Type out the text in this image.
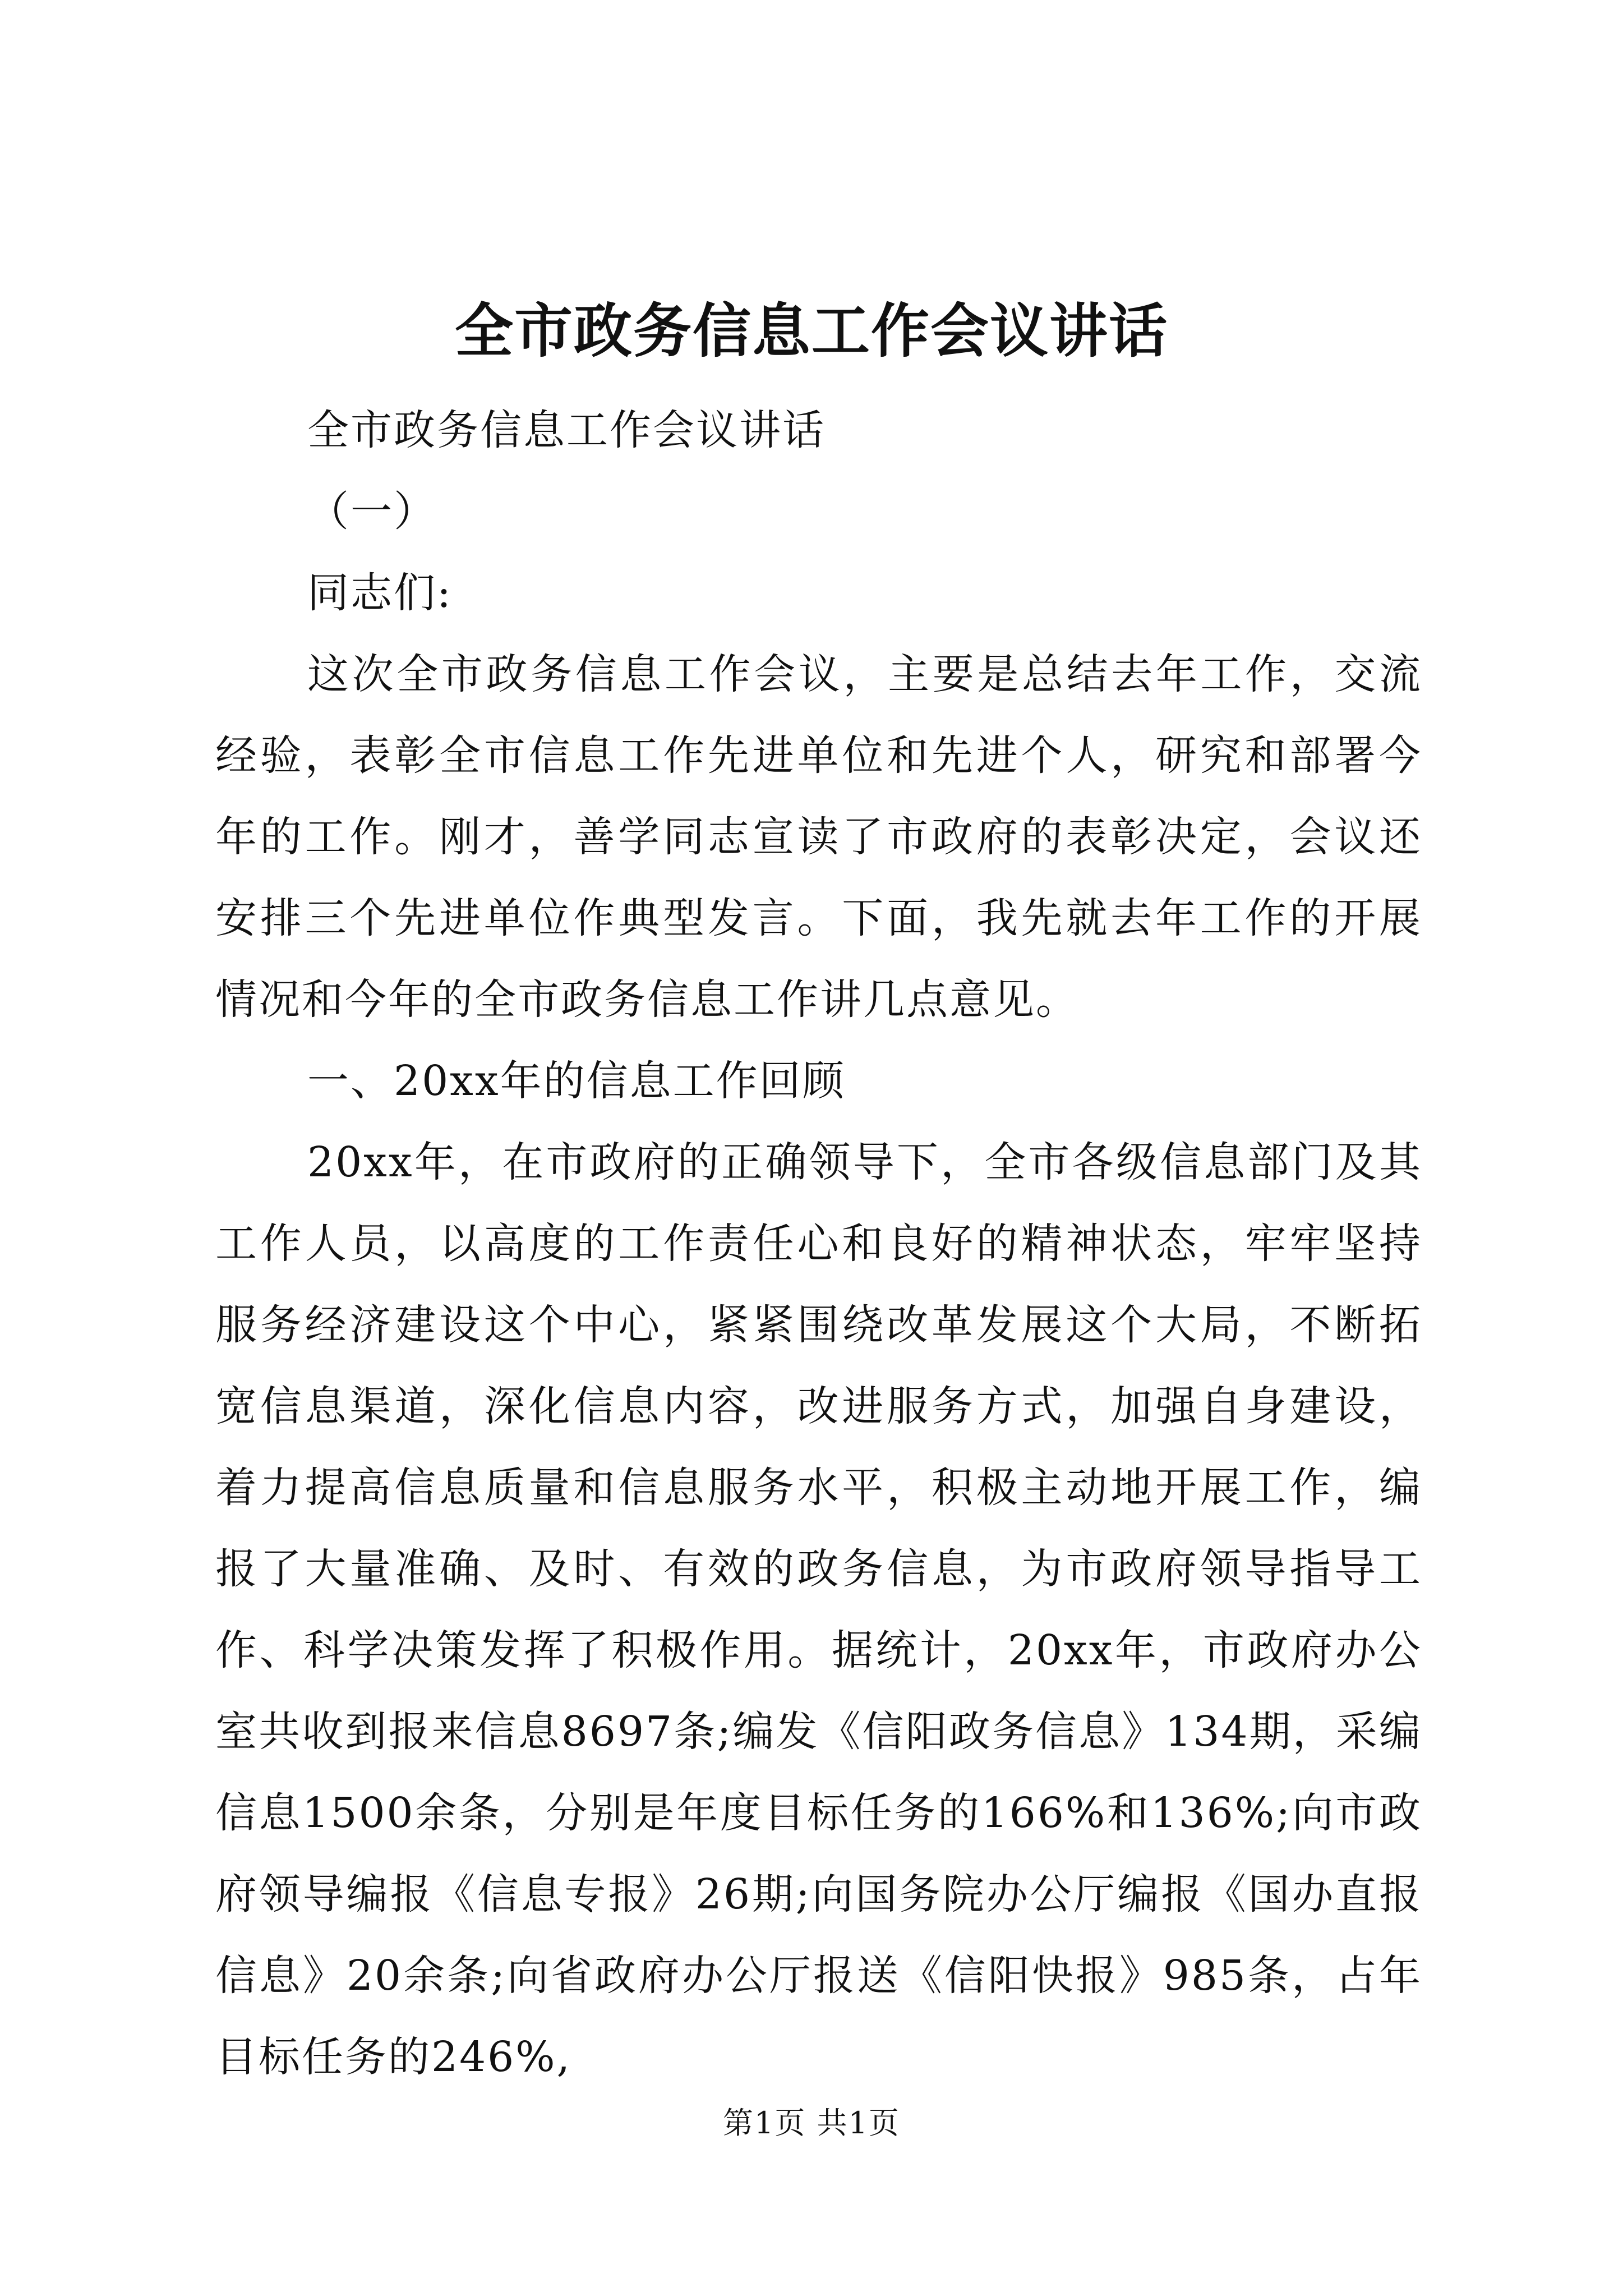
全市政务信息工作会议讲话

全市政务信息工作会议讲话

（一）

同志们:

这次全市政务信息工作会议，主要是总结去年工作，交流经验，表彰全市信息工作先进单位和先进个人，研究和部署今年的工作。刚才，善学同志宣读了市政府的表彰决定，会议还安排三个先进单位作典型发言。下面，我先就去年工作的开展情况和今年的全市政务信息工作讲几点意见。

一、20xx年的信息工作回顾

20xx年，在市政府的正确领导下，全市各级信息部门及其工作人员，以高度的工作责任心和良好的精神状态，牢牢坚持服务经济建设这个中心，紧紧围绕改革发展这个大局，不断拓宽信息渠道，深化信息内容，改进服务方式，加强自身建设，着力提高信息质量和信息服务水平，积极主动地开展工作，编报了大量准确、及时、有效的政务信息，为市政府领导指导工作、科学决策发挥了积极作用。据统计，20xx年，市政府办公室共收到报来信息8697条;编发《信阳政务信息》134期，采编信息1500余条，分别是年度目标任务的166%和136%;向市政府领导编报《信息专报》26期;向国务院办公厅编报《国办直报信息》20余条;向省政府办公厅报送《信阳快报》985条，占年目标任务的246%,

第1页 共1页
